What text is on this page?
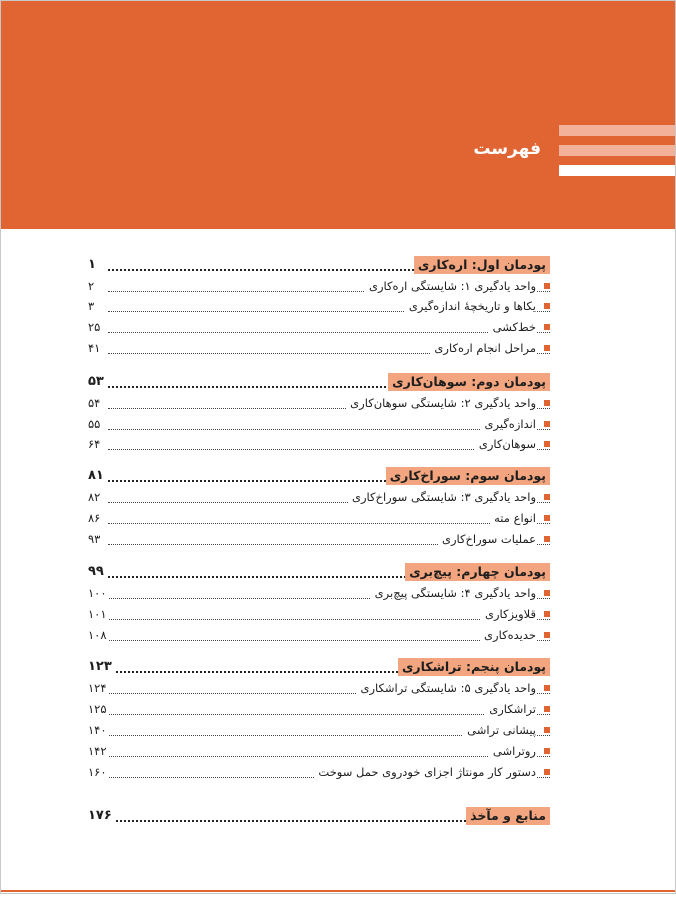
فهرست
پودمان اول: اره‌کاری
۱
واحد یادگیری ۱: شایستگی اره‌کاری
۲
یکاها و تاریخچهٔ اندازه‌گیری
۳
خط‌کشی
۲۵
مراحل انجام اره‌کاری
۴۱
پودمان دوم: سوهان‌کاری
۵۳
واحد یادگیری ۲: شایستگی سوهان‌کاری
۵۴
اندازه‌گیری
۵۵
سوهان‌کاری
۶۴
پودمان سوم: سوراخ‌کاری
۸۱
واحد یادگیری ۳: شایستگی سوراخ‌کاری
۸۲
انواع مته
۸۶
عملیات سوراخ‌کاری
۹۳
پودمان چهارم: پیچ‌بری
۹۹
واحد یادگیری ۴: شایستگی پیچ‌بری
۱۰۰
قلاویزکاری
۱۰۱
حدیده‌کاری
۱۰۸
پودمان پنجم: تراشکاری
۱۲۳
واحد یادگیری ۵: شایستگی تراشکاری
۱۲۴
تراشکاری
۱۲۵
پیشانی تراشی
۱۴۰
روتراشی
۱۴۲
دستور کار مونتاژ اجزای خودروی حمل سوخت
۱۶۰
منابع و مآخذ
۱۷۶
